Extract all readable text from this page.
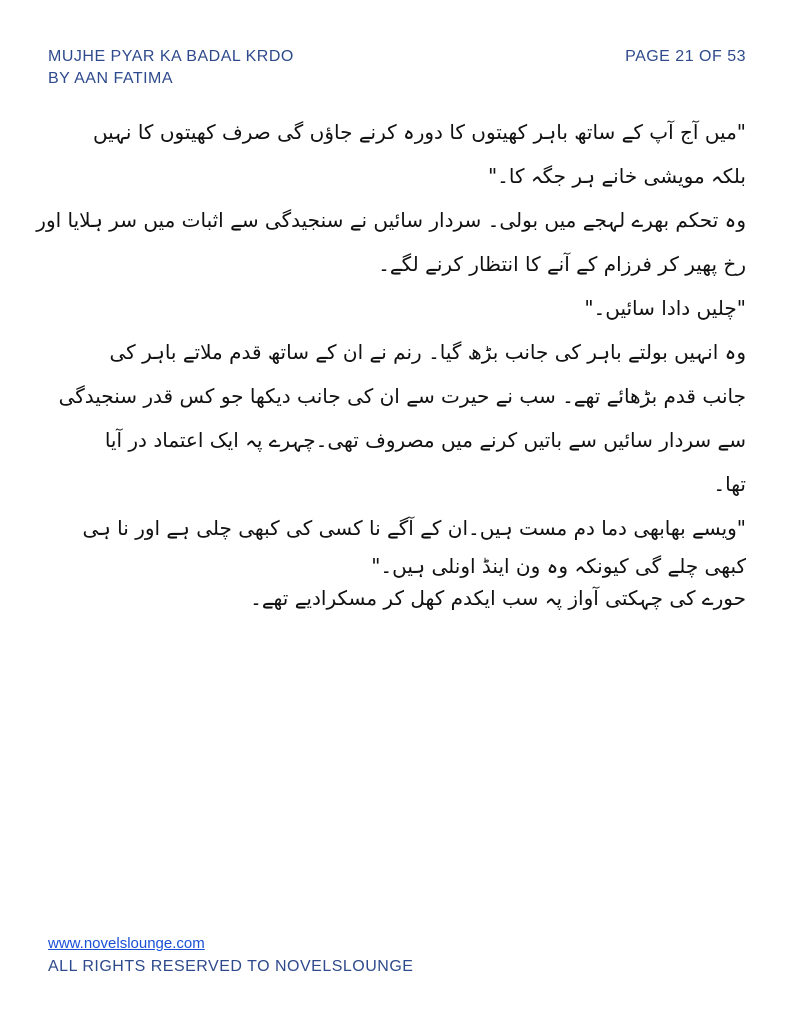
MUJHE PYAR KA BADAL KRDO
BY AAN FATIMA
PAGE 21 OF 53
"میں آج آپ کے ساتھ باہر کھیتوں کا دورہ کرنے جاؤں گی صرف کھیتوں کا نہیں
بلکہ مویشی خانے ہر جگہ کا۔"
وہ تحکم بھرے لہجے میں بولی۔ سردار سائیں نے سنجیدگی سے اثبات میں سر ہلایا اور
رخ پھیر کر فرزام کے آنے کا انتظار کرنے لگے۔
"چلیں دادا سائیں۔"
وہ انہیں بولتے باہر کی جانب بڑھ گیا۔ رنم نے ان کے ساتھ قدم ملاتے باہر کی
جانب قدم بڑھائے تھے۔ سب نے حیرت سے ان کی جانب دیکھا جو کس قدر سنجیدگی
سے سردار سائیں سے باتیں کرنے میں مصروف تھی۔چہرے پہ ایک اعتماد در آیا
تھا۔
"ویسے بھابھی دما دم مست ہیں۔ان کے آگے نا کسی کی کبھی چلی ہے اور نا ہی
کبھی چلے گی کیونکہ وہ ون اینڈ اونلی ہیں۔"
حورے کی چہکتی آواز پہ سب ایکدم کھل کر مسکرادیے تھے۔
www.novelslounge.com
ALL RIGHTS RESERVED TO NOVELSLOUNGE
